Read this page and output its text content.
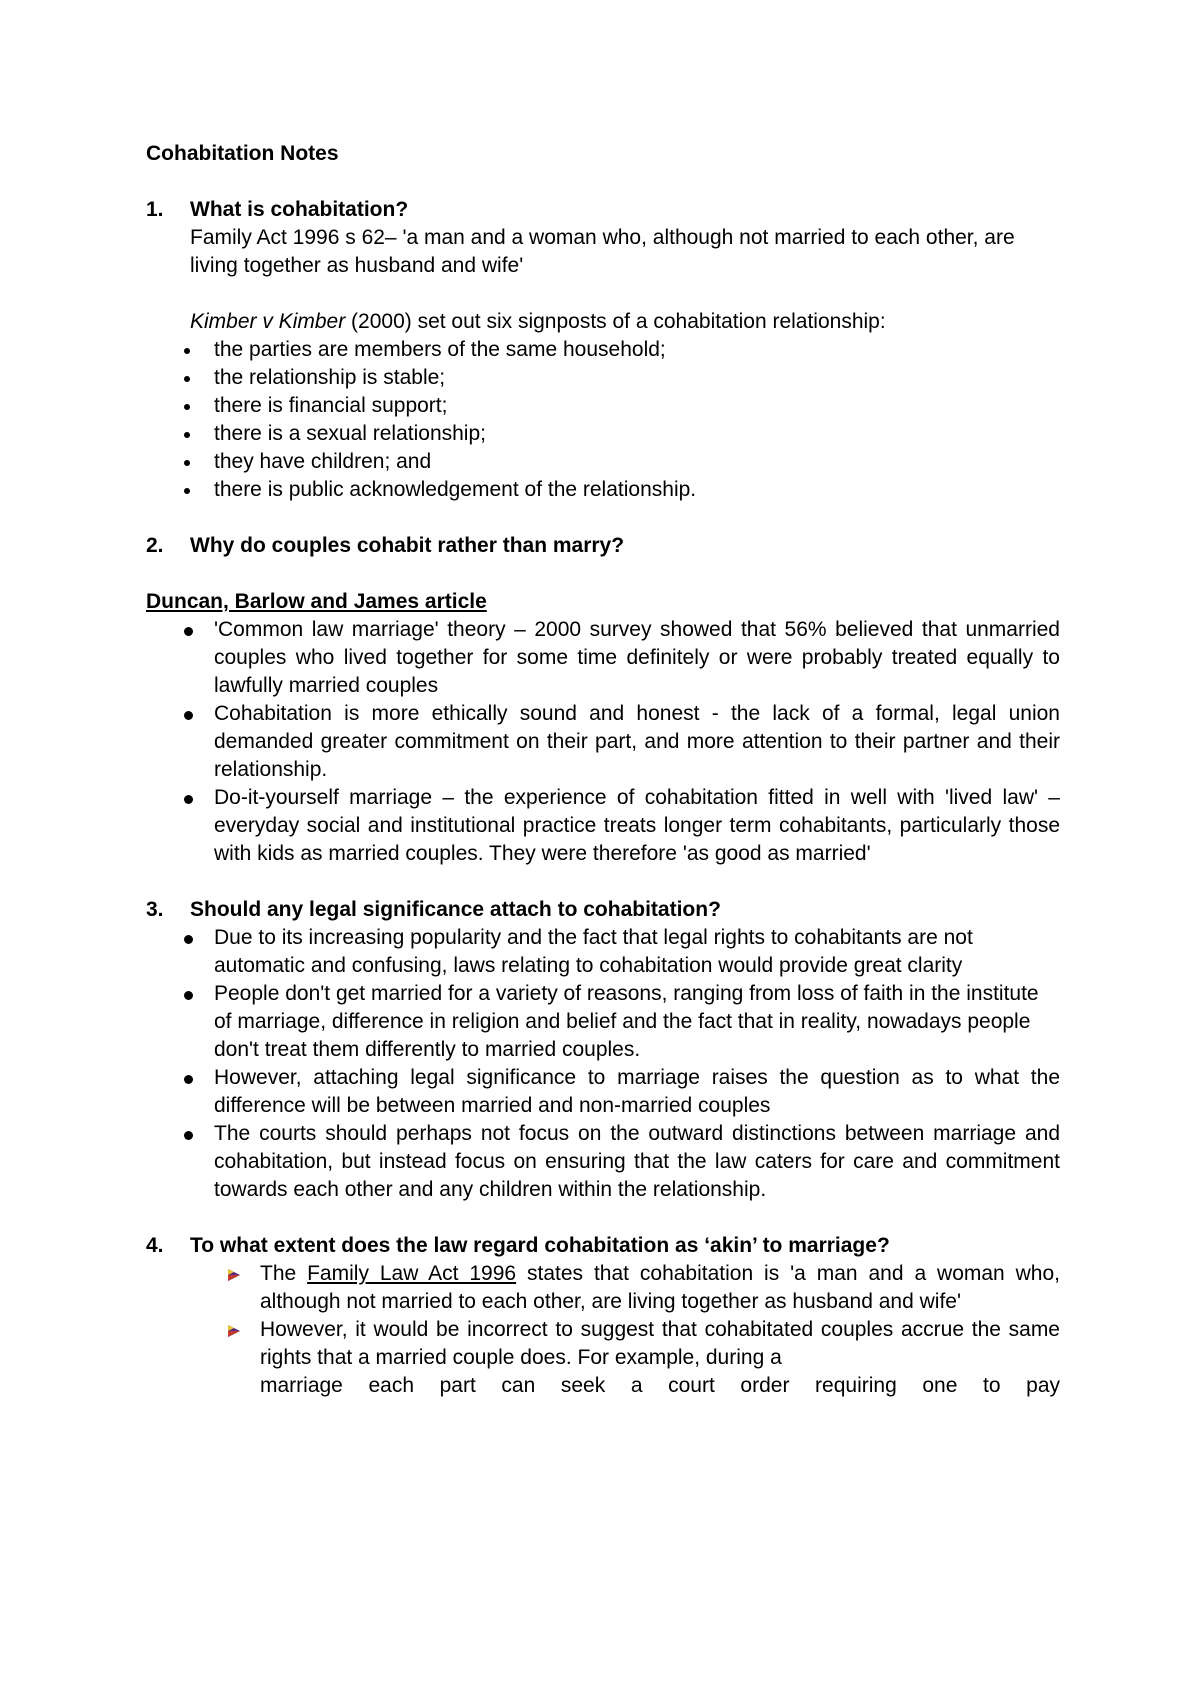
Cohabitation Notes
1.	What is cohabitation?
Family Act 1996 s 62– 'a man and a woman who, although not married to each other, are living together as husband and wife'
Kimber v Kimber (2000) set out six signposts of a cohabitation relationship:
the parties are members of the same household;
the relationship is stable;
there is financial support;
there is a sexual relationship;
they have children; and
there is public acknowledgement of the relationship.
2.	Why do couples cohabit rather than marry?
Duncan, Barlow and James article
'Common law marriage' theory – 2000 survey showed that 56% believed that unmarried couples who lived together for some time definitely or were probably treated equally to lawfully married couples
Cohabitation is more ethically sound and honest - the lack of a formal, legal union demanded greater commitment on their part, and more attention to their partner and their relationship.
Do-it-yourself marriage – the experience of cohabitation fitted in well with 'lived law' – everyday social and institutional practice treats longer term cohabitants, particularly those with kids as married couples. They were therefore 'as good as married'
3.	Should any legal significance attach to cohabitation?
Due to its increasing popularity and the fact that legal rights to cohabitants are not automatic and confusing, laws relating to cohabitation would provide great clarity
People don't get married for a variety of reasons, ranging from loss of faith in the institute of marriage, difference in religion and belief and the fact that in reality, nowadays people don't treat them differently to married couples.
However, attaching legal significance to marriage raises the question as to what the difference will be between married and non-married couples
The courts should perhaps not focus on the outward distinctions between marriage and cohabitation, but instead focus on ensuring that the law caters for care and commitment towards each other and any children within the relationship.
4.	To what extent does the law regard cohabitation as ‘akin’ to marriage?
The Family Law Act 1996 states that cohabitation is 'a man and a woman who, although not married to each other, are living together as husband and wife'
However, it would be incorrect to suggest that cohabitated couples accrue the same rights that a married couple does. For example, during a
marriage each part can seek a court order requiring one to pay
